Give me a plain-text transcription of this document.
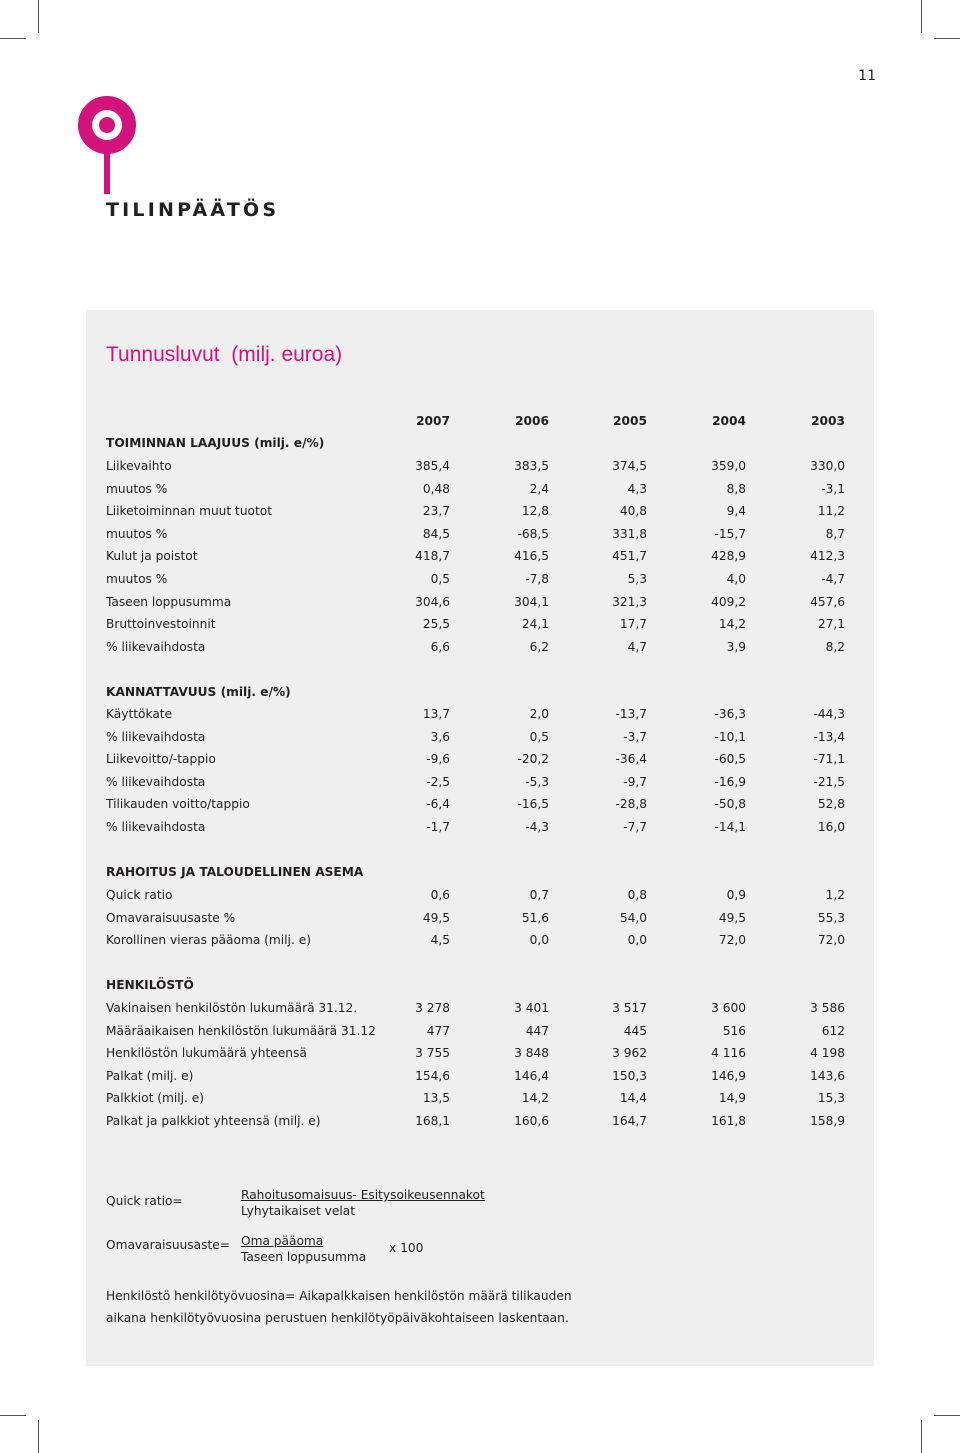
11
TILINPÄÄTÖS
Tunnusluvut  (milj. euroa)
2007	2006	2005	2004	2003
TOIMINNAN LAAJUUS (milj. e/%)
Liikevaihto	385,4	383,5	374,5	359,0	330,0
muutos %	0,48	2,4	4,3	8,8	-3,1
Liiketoiminnan muut tuotot	23,7	12,8	40,8	9,4	11,2
muutos %	84,5	-68,5	331,8	-15,7	8,7
Kulut ja poistot	418,7	416,5	451,7	428,9	412,3
muutos %	0,5	-7,8	5,3	4,0	-4,7
Taseen loppusumma	304,6	304,1	321,3	409,2	457,6
Bruttoinvestoinnit	25,5	24,1	17,7	14,2	27,1
% liikevaihdosta	6,6	6,2	4,7	3,9	8,2
KANNATTAVUUS (milj. e/%)
Käyttökate	13,7	2,0	-13,7	-36,3	-44,3
% liikevaihdosta	3,6	0,5	-3,7	-10,1	-13,4
Liikevoitto/-tappio	-9,6	-20,2	-36,4	-60,5	-71,1
% liikevaihdosta	-2,5	-5,3	-9,7	-16,9	-21,5
Tilikauden voitto/tappio	-6,4	-16,5	-28,8	-50,8	52,8
% liikevaihdosta	-1,7	-4,3	-7,7	-14,1	16,0
RAHOITUS JA TALOUDELLINEN ASEMA
Quick ratio	0,6	0,7	0,8	0,9	1,2
Omavaraisuusaste %	49,5	51,6	54,0	49,5	55,3
Korollinen vieras pääoma (milj. e)	4,5	0,0	0,0	72,0	72,0
HENKILÖSTÖ
Vakinaisen henkilöstön lukumäärä 31.12.	3 278	3 401	3 517	3 600	3 586
Määräaikaisen henkilöstön lukumäärä 31.12	477	447	445	516	612
Henkilöstön lukumäärä yhteensä	3 755	3 848	3 962	4 116	4 198
Palkat (milj. e)	154,6	146,4	150,3	146,9	143,6
Palkkiot (milj. e)	13,5	14,2	14,4	14,9	15,3
Palkat ja palkkiot yhteensä (milj. e)	168,1	160,6	164,7	161,8	158,9
Quick ratio=	Rahoitusomaisuus- Esitysoikeusennakot
Lyhytaikaiset velat
Omavaraisuusaste= Oma pääoma
Taseen loppusumma
x 100
Henkilöstö henkilötyövuosina= Aikapalkkaisen henkilöstön määrä tilikauden
aikana henkilötyövuosina perustuen henkilötyöpäiväkohtaiseen laskentaan.
